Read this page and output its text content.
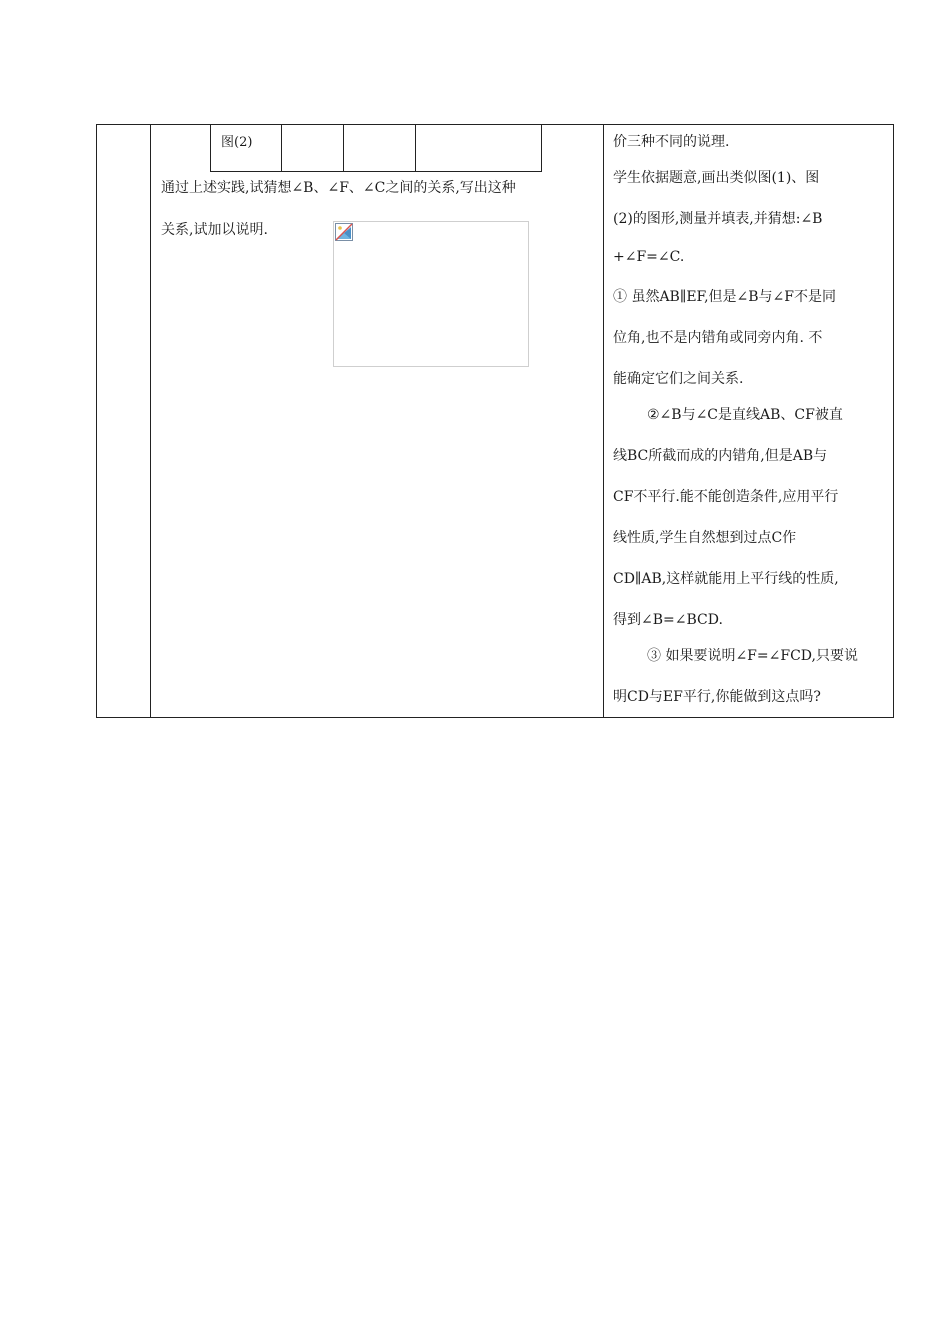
图(2)
通过上述实践,试猜想∠B、∠F、∠C之间的关系,写出这种
关系,试加以说明.
价三种不同的说理.
学生依据题意,画出类似图(1)、图
(2)的图形,测量并填表,并猜想:∠B
+∠F=∠C.
① 虽然AB∥EF,但是∠B与∠F不是同
位角,也不是内错角或同旁内角. 不
能确定它们之间关系.
②∠B与∠C是直线AB、CF被直
线BC所截而成的内错角,但是AB与
CF不平行.能不能创造条件,应用平行
线性质,学生自然想到过点C作
CD∥AB,这样就能用上平行线的性质,
得到∠B=∠BCD.
③ 如果要说明∠F=∠FCD,只要说
明CD与EF平行,你能做到这点吗?
